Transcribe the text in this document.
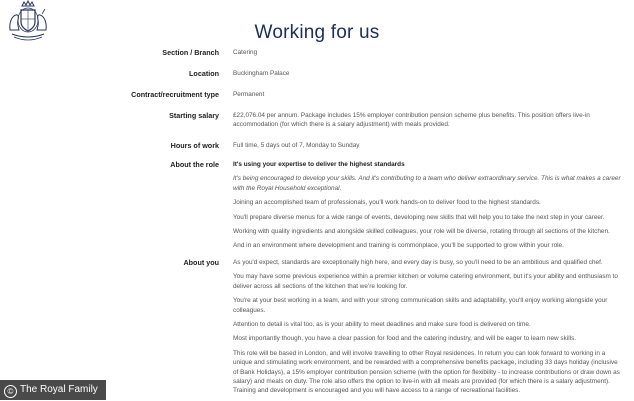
Working for us
Section / Branch Catering

Location Buckingham Palace

Contract/recruitment type Permanent

Starting salary £22,076.04 per annum. Package includes 15% employer contribution pension scheme plus benefits. This position offers live-in accommodation (for which there is a salary adjustment) with meals provided.

Hours of work Full time, 5 days out of 7, Monday to Sunday

About the role It's using your expertise to deliver the highest standards

It's being encouraged to develop your skills. And it's contributing to a team who deliver extraordinary service. This is what makes a career with the Royal Household exceptional.

Joining an accomplished team of professionals, you'll work hands-on to deliver food to the highest standards.

You'll prepare diverse menus for a wide range of events, developing new skills that will help you to take the next step in your career.

Working with quality ingredients and alongside skilled colleagues, your role will be diverse, rotating through all sections of the kitchen.

And in an environment where development and training is commonplace, you'll be supported to grow within your role.

About you As you'd expect, standards are exceptionally high here, and every day is busy, so you'll need to be an ambitious and qualified chef.

You may have some previous experience within a premier kitchen or volume catering environment, but it's your ability and enthusiasm to deliver across all sections of the kitchen that we're looking for.

You're at your best working in a team, and with your strong communication skills and adaptability, you'll enjoy working alongside your colleagues.

Attention to detail is vital too, as is your ability to meet deadlines and make sure food is delivered on time.

Most importantly though, you have a clear passion for food and the catering industry, and will be eager to learn new skills.

This role will be based in London, and will involve travelling to other Royal residences. In return you can look forward to working in a unique and stimulating work environment, and be rewarded with a comprehensive benefits package, including 33 days holiday (inclusive of Bank Holidays), a 15% employer contribution pension scheme (with the option for flexibility - to increase contributions or draw down as salary) and meals on duty. The role also offers the option to live-in with all meals are provided (for which there is a salary adjustment). Training and development is encouraged and you will have access to a range of recreational facilities.

© The Royal Family
